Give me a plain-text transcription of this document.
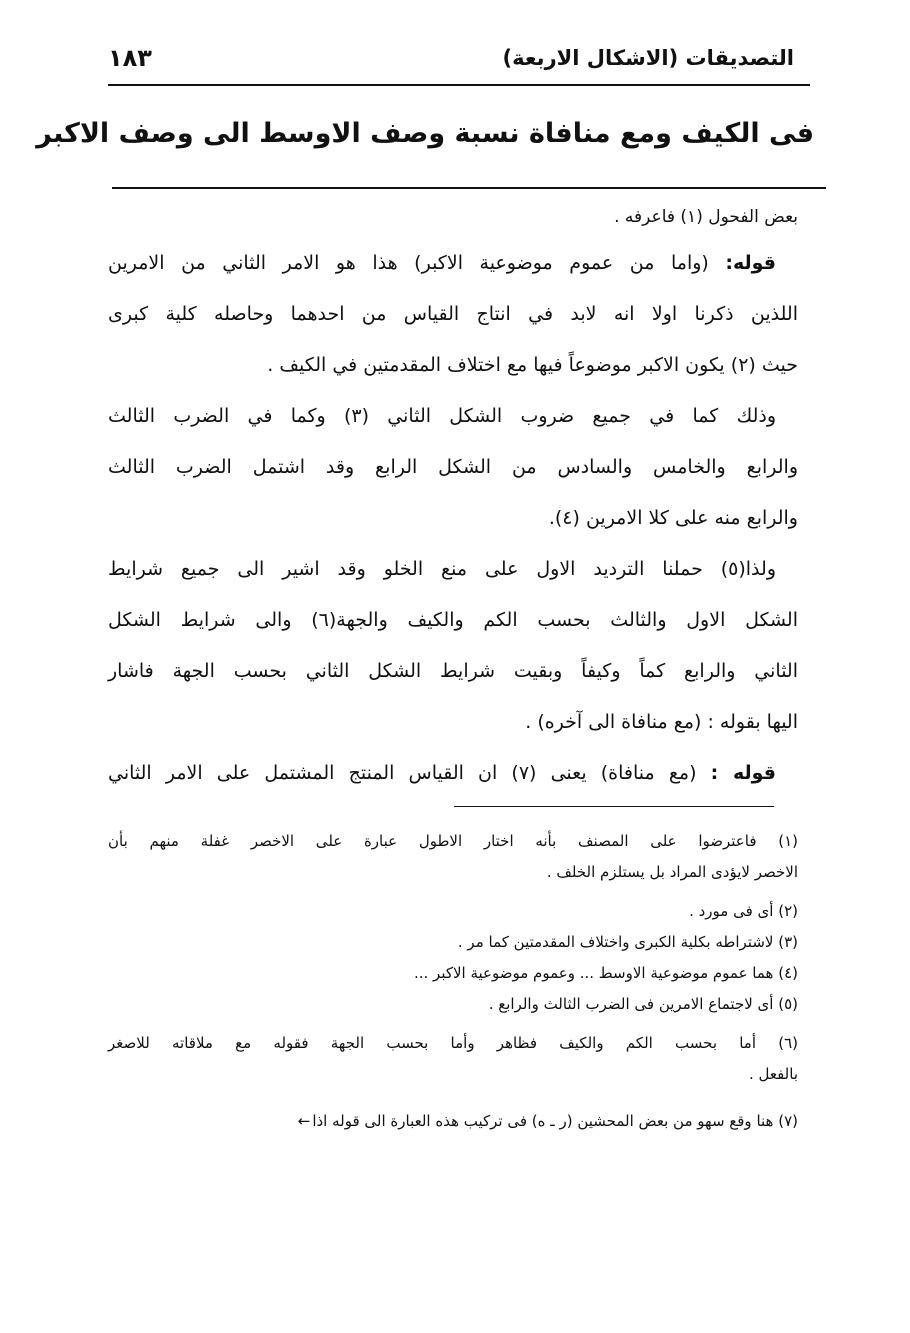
التصديقات (الاشكال الاربعة)
١٨٣
فى الكيف ومع منافاة نسبة وصف الاوسط الى وصف الاكبر
بعض الفحول (١) فاعرفه .
قوله: (واما من عموم موضوعية الاكبر) هذا هو الامر الثاني من الامرين
اللذين ذكرنا اولا انه لابد في انتاج القياس من احدهما وحاصله كلية كبرى
حيث (٢) يكون الاكبر موضوعاً فيها مع اختلاف المقدمتين في الكيف .
وذلك كما في جميع ضروب الشكل الثاني (٣) وكما في الضرب الثالث
والرابع والخامس والسادس من الشكل الرابع وقد اشتمل الضرب الثالث
والرابع منه على كلا الامرين (٤).
ولذا(٥) حملنا الترديد الاول على منع الخلو وقد اشير الى جميع شرايط
الشكل الاول والثالث بحسب الكم والكيف والجهة(٦) والى شرايط الشكل
الثاني والرابع كماً وكيفاً وبقيت شرايط الشكل الثاني بحسب الجهة فاشار
اليها بقوله : (مع منافاة الى آخره) .
قوله : (مع منافاة) يعنى (٧) ان القياس المنتج المشتمل على الامر الثاني
(١) فاعترضوا على المصنف بأنه اختار الاطول عبارة على الاخصر غفلة منهم بأن
الاخصر لايؤدى المراد بل يستلزم الخلف .
(٢) أى فى مورد .
(٣) لاشتراطه بكلية الكبرى واختلاف المقدمتين كما مر .
(٤) هما عموم موضوعية الاوسط ... وعموم موضوعية الاكبر ...
(٥) أى لاجتماع الامرين فى الضرب الثالث والرابع .
(٦) أما بحسب الكم والكيف فظاهر وأما بحسب الجهة فقوله مع ملاقاته للاصغر
بالفعل .
(٧) هنا وقع سهو من بعض المحشين (ر ـ ه) فى تركيب هذه العبارة الى قوله اذا←
